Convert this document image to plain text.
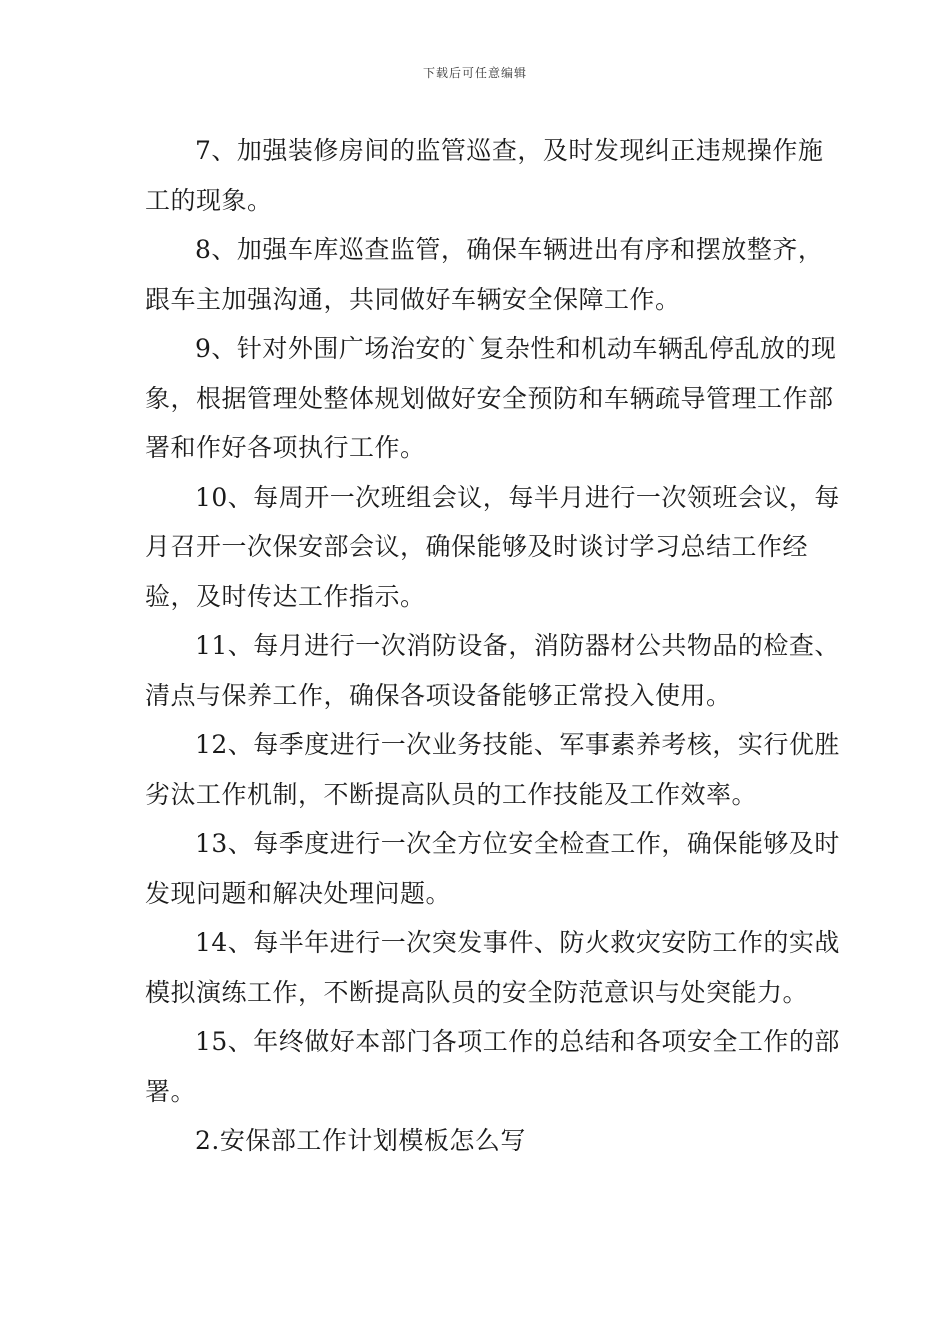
下载后可任意编辑

7、加强装修房间的监管巡查，及时发现纠正违规操作施工的现象。

8、加强车库巡查监管，确保车辆进出有序和摆放整齐，跟车主加强沟通，共同做好车辆安全保障工作。

9、针对外围广场治安的`复杂性和机动车辆乱停乱放的现象，根据管理处整体规划做好安全预防和车辆疏导管理工作部署和作好各项执行工作。

10、每周开一次班组会议，每半月进行一次领班会议，每月召开一次保安部会议，确保能够及时谈讨学习总结工作经验，及时传达工作指示。

11、每月进行一次消防设备，消防器材公共物品的检查、清点与保养工作，确保各项设备能够正常投入使用。

12、每季度进行一次业务技能、军事素养考核，实行优胜劣汰工作机制，不断提高队员的工作技能及工作效率。

13、每季度进行一次全方位安全检查工作，确保能够及时发现问题和解决处理问题。

14、每半年进行一次突发事件、防火救灾安防工作的实战模拟演练工作，不断提高队员的安全防范意识与处突能力。

15、年终做好本部门各项工作的总结和各项安全工作的部署。

2.安保部工作计划模板怎么写
